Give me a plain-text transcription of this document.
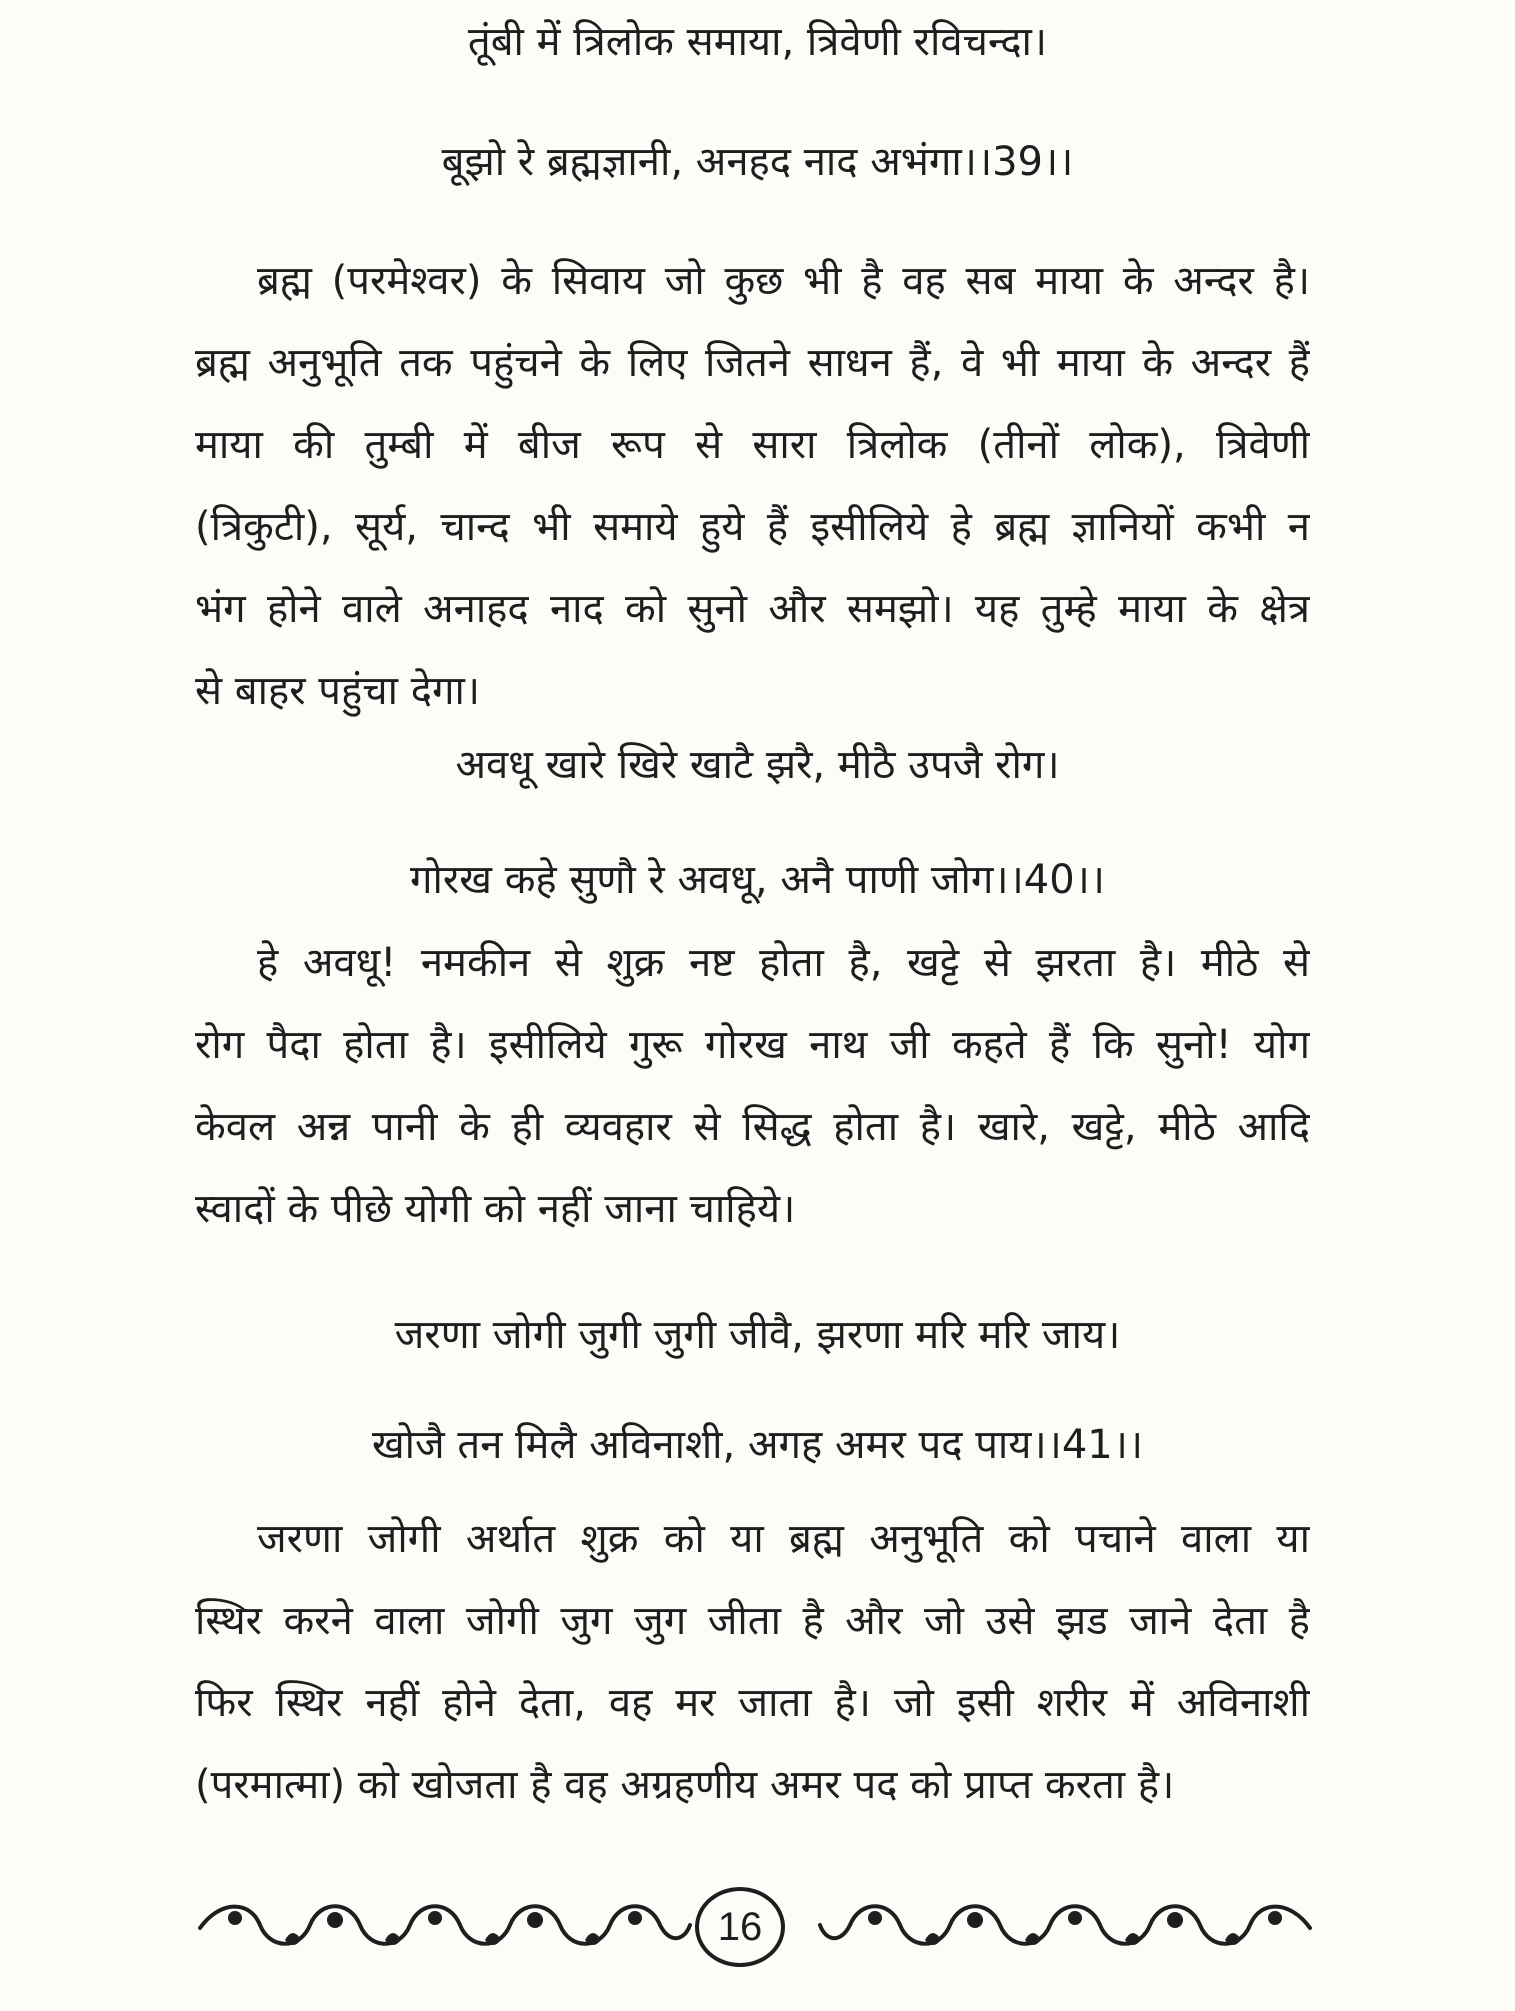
तूंबी में त्रिलोक समाया, त्रिवेणी रविचन्दा।
बूझो रे ब्रह्मज्ञानी, अनहद नाद अभंगा।।39।।
ब्रह्म (परमेश्वर) के सिवाय जो कुछ भी है वह सब माया के अन्दर है।
ब्रह्म अनुभूति तक पहुंचने के लिए जितने साधन हैं, वे भी माया के अन्दर हैं
माया की तुम्बी में बीज रूप से सारा त्रिलोक (तीनों लोक), त्रिवेणी
(त्रिकुटी), सूर्य, चान्द भी समाये हुये हैं इसीलिये हे ब्रह्म ज्ञानियों कभी न
भंग होने वाले अनाहद नाद को सुनो और समझो। यह तुम्हे माया के क्षेत्र
से बाहर पहुंचा देगा।
अवधू खारे खिरे खाटै झरै, मीठै उपजै रोग।
गोरख कहे सुणौ रे अवधू, अनै पाणी जोग।।40।।
हे अवधू! नमकीन से शुक्र नष्ट होता है, खट्टे से झरता है। मीठे से
रोग पैदा होता है। इसीलिये गुरू गोरख नाथ जी कहते हैं कि सुनो! योग
केवल अन्न पानी के ही व्यवहार से सिद्ध होता है। खारे, खट्टे, मीठे आदि
स्वादों के पीछे योगी को नहीं जाना चाहिये।
जरणा जोगी जुगी जुगी जीवै, झरणा मरि मरि जाय।
खोजै तन मिलै अविनाशी, अगह अमर पद पाय।।41।।
जरणा जोगी अर्थात शुक्र को या ब्रह्म अनुभूति को पचाने वाला या
स्थिर करने वाला जोगी जुग जुग जीता है और जो उसे झड जाने देता है
फिर स्थिर नहीं होने देता, वह मर जाता है। जो इसी शरीर में अविनाशी
(परमात्मा) को खोजता है वह अग्रहणीय अमर पद को प्राप्त करता है।
16
